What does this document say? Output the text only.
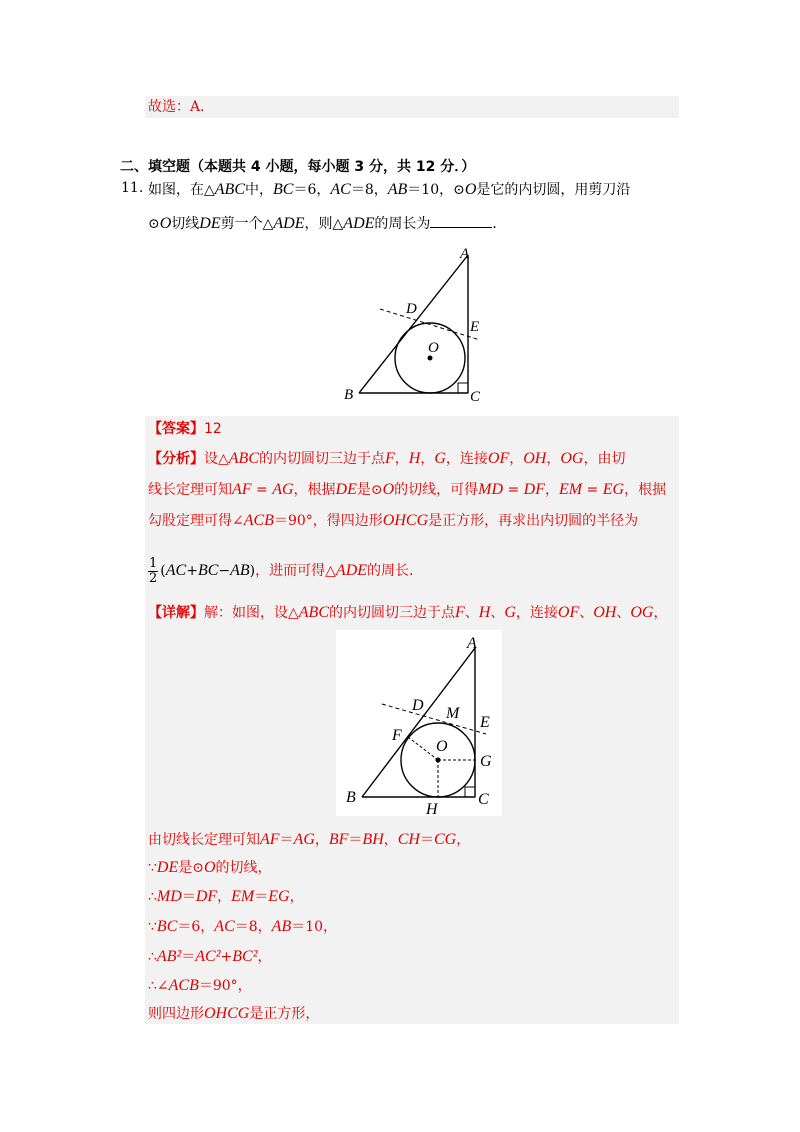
故选：A．
二、填空题（本题共 4 小题，每小题 3 分，共 12 分．）
11. 如图，在△ABC中，BC＝6，AC＝8，AB＝10，⊙O是它的内切圆，用剪刀沿
⊙O切线DE剪一个△ADE，则△ADE的周长为	．
A
B	C
D
E
O
【答案】12
【分析】设△ABC的内切圆切三边于点F，H，G，连接OF，OH，OG，由切
线长定理可知AF = AG，根据DE是⊙O的切线，可得MD = DF，EM = EG，根据
勾股定理可得∠ACB＝90°，得四边形OHCG是正方形，再求出内切圆的半径为
$\frac{1}{2} (AC+BC-AB)$，进而可得△ADE的周长．
【详解】解：如图，设△ABC的内切圆切三边于点F、H、G，连接OF、OH、OG，
A
B	C
D
E
F
G
H
M
O
由切线长定理可知AF＝AG，BF＝BH，CH＝CG，
∵DE是⊙O的切线，
∴MD＝DF，EM＝EG，
∵BC＝6，AC＝8，AB＝10，
∴AB²＝AC²+BC²，
∴∠ACB＝90°，
则四边形OHCG是正方形，
